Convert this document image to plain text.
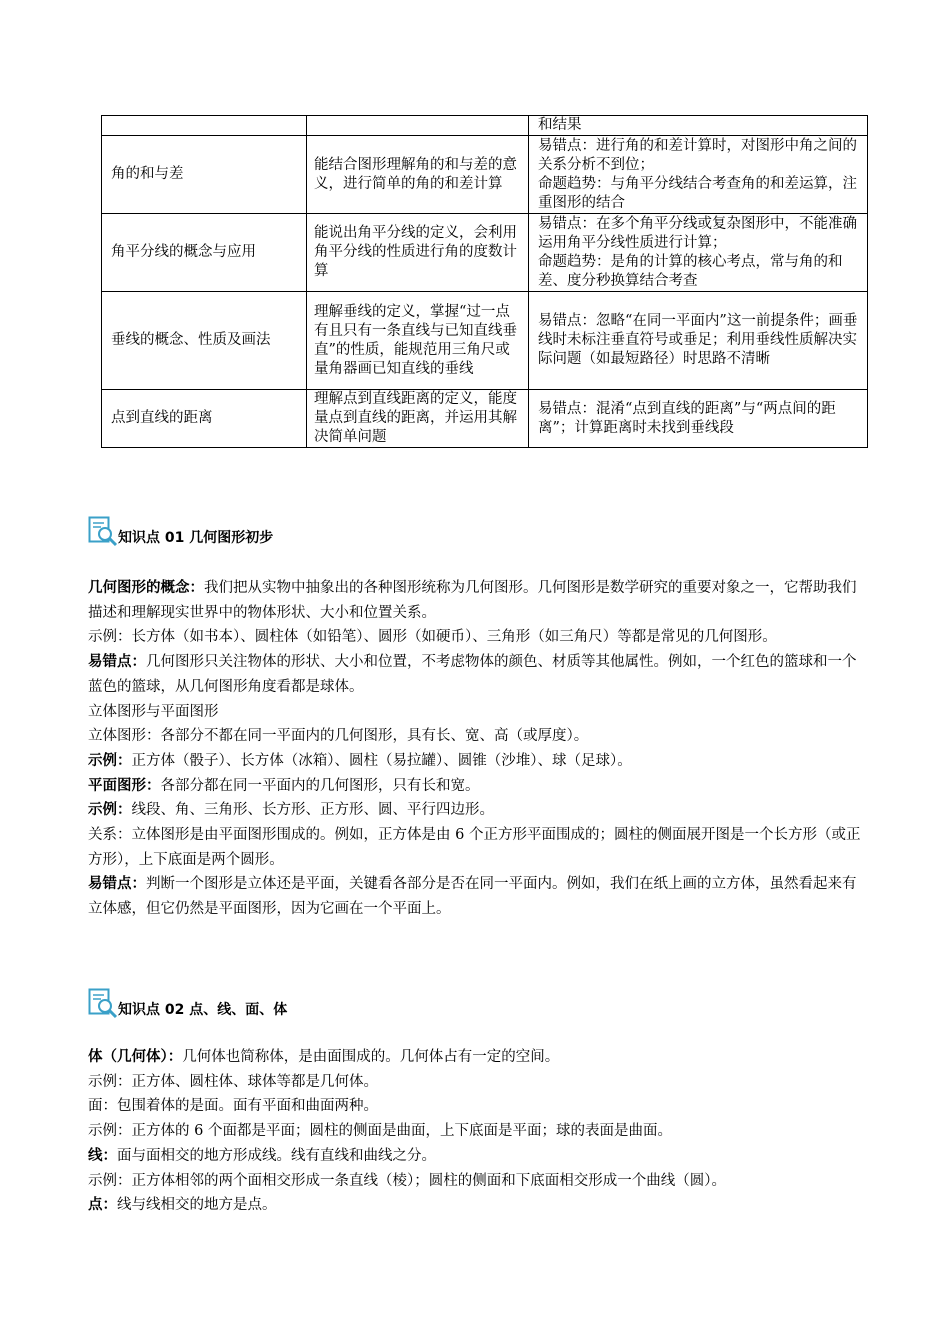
		和结果

角的和与差	能结合图形理解角的和与差的意义，进行简单的角的和差计算	易错点：进行角的和差计算时，对图形中角之间的关系分析不到位；
命题趋势：与角平分线结合考查角的和差运算，注重图形的结合

角平分线的概念与应用	能说出角平分线的定义，会利用角平分线的性质进行角的度数计算	易错点：在多个角平分线或复杂图形中，不能准确运用角平分线性质进行计算；
命题趋势：是角的计算的核心考点，常与角的和差、度分秒换算结合考查

垂线的概念、性质及画法	理解垂线的定义，掌握“过一点有且只有一条直线与已知直线垂直”的性质，能规范用三角尺或量角器画已知直线的垂线	易错点：忽略“在同一平面内”这一前提条件；画垂线时未标注垂直符号或垂足；利用垂线性质解决实际问题（如最短路径）时思路不清晰

点到直线的距离	理解点到直线距离的定义，能度量点到直线的距离，并运用其解决简单问题	易错点：混淆“点到直线的距离”与“两点间的距离”；计算距离时未找到垂线段
知识点 01 几何图形初步

几何图形的概念：我们把从实物中抽象出的各种图形统称为几何图形。几何图形是数学研究的重要对象之一，它帮助我们描述和理解现实世界中的物体形状、大小和位置关系。

示例：长方体（如书本）、圆柱体（如铅笔）、圆形（如硬币）、三角形（如三角尺）等都是常见的几何图形。

易错点：几何图形只关注物体的形状、大小和位置，不考虑物体的颜色、材质等其他属性。例如，一个红色的篮球和一个蓝色的篮球，从几何图形角度看都是球体。

立体图形与平面图形

立体图形：各部分不都在同一平面内的几何图形，具有长、宽、高（或厚度）。

示例：正方体（骰子）、长方体（冰箱）、圆柱（易拉罐）、圆锥（沙堆）、球（足球）。

平面图形：各部分都在同一平面内的几何图形，只有长和宽。

示例：线段、角、三角形、长方形、正方形、圆、平行四边形。

关系：立体图形是由平面图形围成的。例如，正方体是由 6 个正方形平面围成的；圆柱的侧面展开图是一个长方形（或正方形），上下底面是两个圆形。

易错点：判断一个图形是立体还是平面，关键看各部分是否在同一平面内。例如，我们在纸上画的立方体，虽然看起来有立体感，但它仍然是平面图形，因为它画在一个平面上。

知识点 02 点、线、面、体

体（几何体）：几何体也简称体，是由面围成的。几何体占有一定的空间。

示例：正方体、圆柱体、球体等都是几何体。

面：包围着体的是面。面有平面和曲面两种。

示例：正方体的 6 个面都是平面；圆柱的侧面是曲面，上下底面是平面；球的表面是曲面。

线：面与面相交的地方形成线。线有直线和曲线之分。

示例：正方体相邻的两个面相交形成一条直线（棱）；圆柱的侧面和下底面相交形成一个曲线（圆）。

点：线与线相交的地方是点。
